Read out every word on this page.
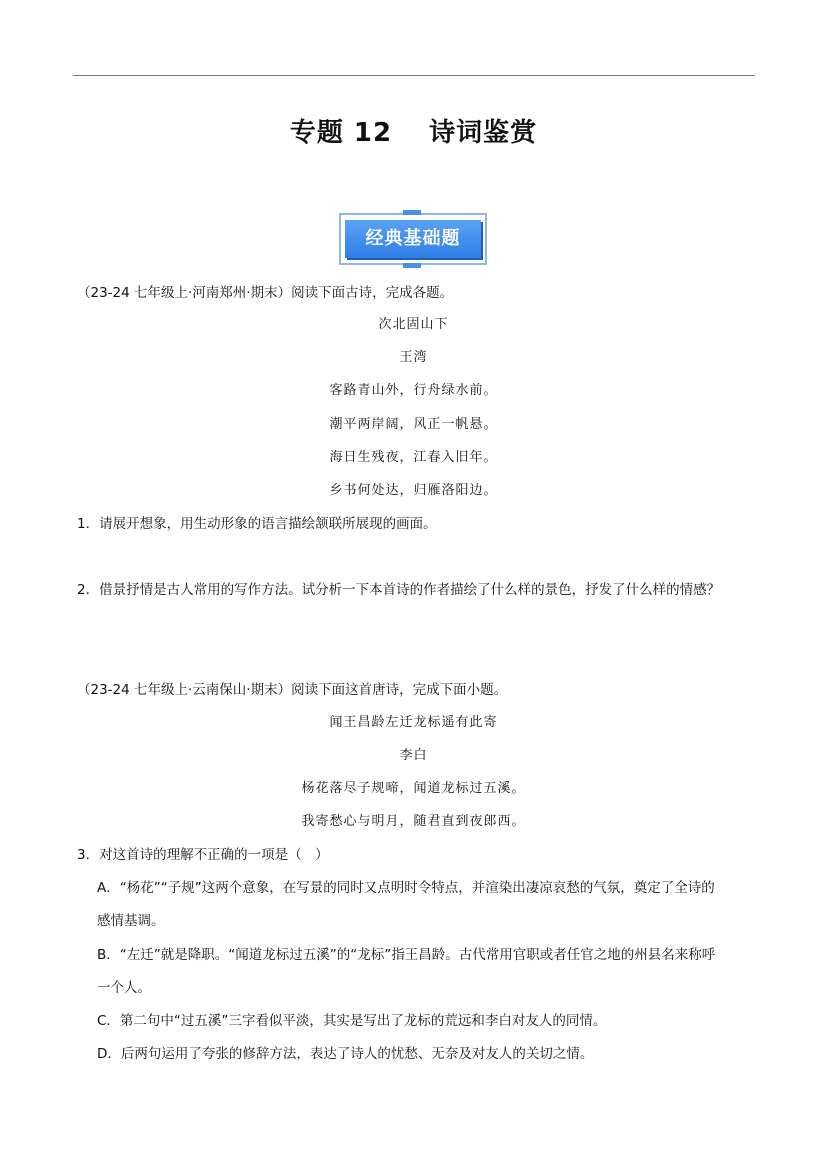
专题 12　 诗词鉴赏
经典基础题
（23-24 七年级上·河南郑州·期末）阅读下面古诗，完成各题。
次北固山下
王湾
客路青山外，行舟绿水前。
潮平两岸阔，风正一帆悬。
海日生残夜，江春入旧年。
乡书何处达，归雁洛阳边。
1．请展开想象，用生动形象的语言描绘颔联所展现的画面。
2．借景抒情是古人常用的写作方法。试分析一下本首诗的作者描绘了什么样的景色，抒发了什么样的情感？
（23-24 七年级上·云南保山·期末）阅读下面这首唐诗，完成下面小题。
闻王昌龄左迁龙标遥有此寄
李白
杨花落尽子规啼，闻道龙标过五溪。
我寄愁心与明月，随君直到夜郎西。
3．对这首诗的理解不正确的一项是（　）
A．“杨花”“子规”这两个意象，在写景的同时又点明时令特点，并渲染出凄凉哀愁的气氛，奠定了全诗的
感情基调。
B．“左迁”就是降职。“闻道龙标过五溪”的“龙标”指王昌龄。古代常用官职或者任官之地的州县名来称呼
一个人。
C．第二句中“过五溪”三字看似平淡，其实是写出了龙标的荒远和李白对友人的同情。
D．后两句运用了夸张的修辞方法，表达了诗人的忧愁、无奈及对友人的关切之情。
